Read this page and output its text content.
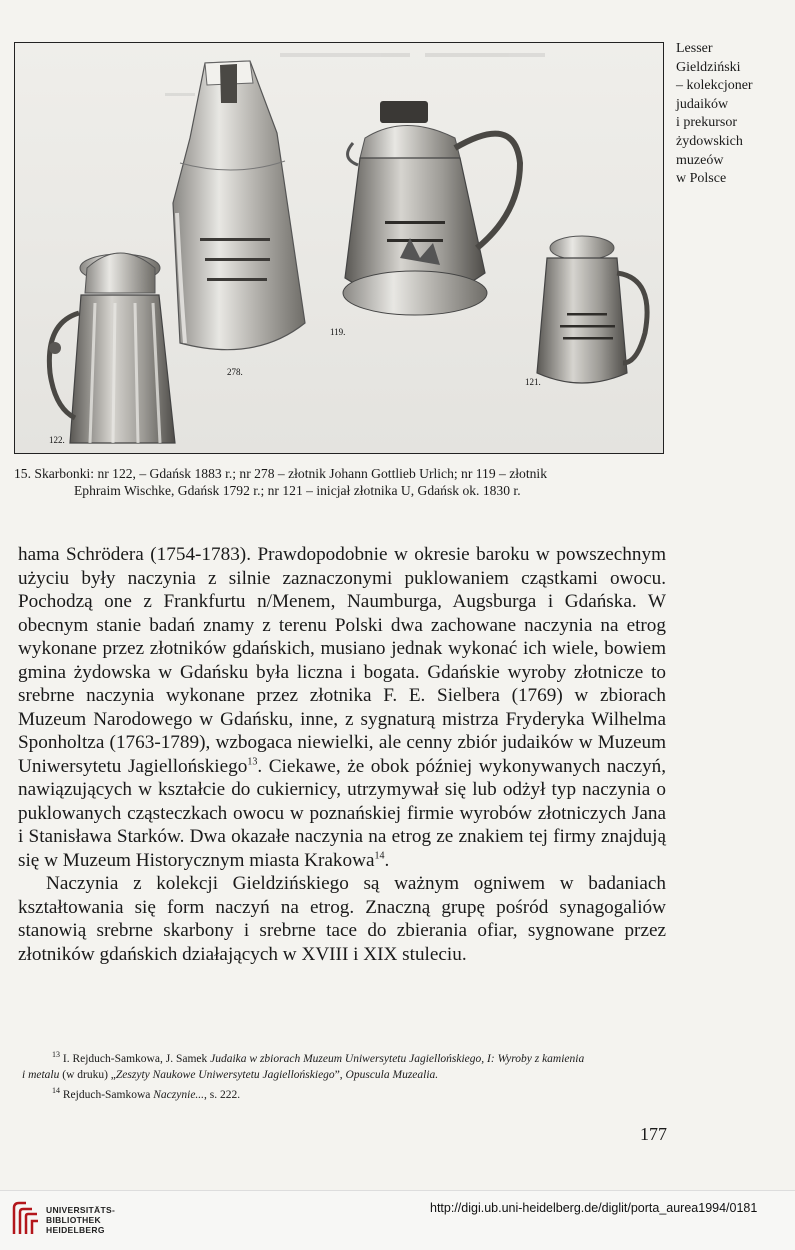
122.
278.
119.
121.
Lesser
Gieldziński
– kolekcjoner
judaików
i prekursor
żydowskich
muzeów
w Polsce
15. Skarbonki: nr 122, – Gdańsk 1883 r.; nr 278 – złotnik Johann Gottlieb Urlich; nr 119 – złotnik
Ephraim Wischke, Gdańsk 1792 r.; nr 121 – inicjał złotnika U, Gdańsk ok. 1830 r.

hama Schrödera (1754-1783). Prawdopodobnie w okresie baroku w powszechnym użyciu były naczynia z silnie zaznaczonymi puklowaniem cząstkami owocu. Pochodzą one z Frankfurtu n/Menem, Naumburga, Augsburga i Gdańska. W obecnym stanie badań znamy z terenu Polski dwa zachowane naczynia na etrog wykonane przez złotników gdańskich, musiano jednak wykonać ich wiele, bowiem gmina żydowska w Gdańsku była liczna i bogata. Gdańskie wyroby złotnicze to srebrne naczynia wykonane przez złotnika F. E. Sielbera (1769) w zbiorach Muzeum Narodowego w Gdańsku, inne, z sygnaturą mistrza Fryderyka Wilhelma Sponholtza (1763-1789), wzbogaca niewielki, ale cenny zbiór judaików w Muzeum Uniwersytetu Jagiellońskiego$^{13}$. Ciekawe, że obok później wykonywanych naczyń, nawiązujących w kształcie do cukiernicy, utrzymywał się lub odżył typ naczynia o puklowanych cząsteczkach owocu w poznańskiej firmie wyrobów złotniczych Jana i Stanisława Starków. Dwa okazałe naczynia na etrog ze znakiem tej firmy znajdują się w Muzeum Historycznym miasta Krakowa$^{14}$.

Naczynia z kolekcji Gieldzińskiego są ważnym ogniwem w badaniach kształtowania się form naczyń na etrog. Znaczną grupę pośród synagogaliów stanowią srebrne skarbony i srebrne tace do zbierania ofiar, sygnowane przez złotników gdańskich działających w XVIII i XIX stuleciu.

$^{13}$ I. Rejduch-Samkowa, J. Samek Judaika w zbiorach Muzeum Uniwersytetu Jagiellońskiego, I: Wyroby z kamienia
i metalu (w druku) „Zeszyty Naukowe Uniwersytetu Jagiellońskiego”, Opuscula Muzealia.
$^{14}$ Rejduch-Samkowa Naczynie..., s. 222.
177
UNIVERSITÄTS-
BIBLIOTHEK
HEIDELBERG
http://digi.ub.uni-heidelberg.de/diglit/porta_aurea1994/0181
